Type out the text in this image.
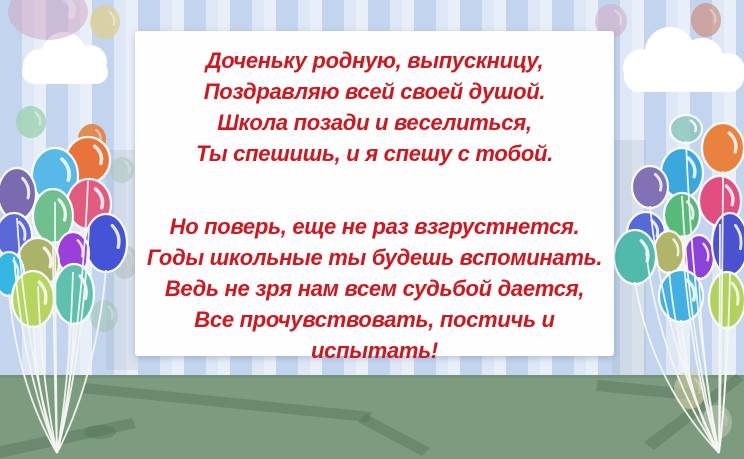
Доченьку родную, выпускницу,

Поздравляю всей своей душой.

Школа позади и веселиться,

Ты спешишь, и я спешу с тобой.

Но поверь, еще не раз взгрустнется.

Годы школьные ты будешь вспоминать.

Ведь не зря нам всем судьбой дается,

Все прочувствовать, постичь и испытать!
